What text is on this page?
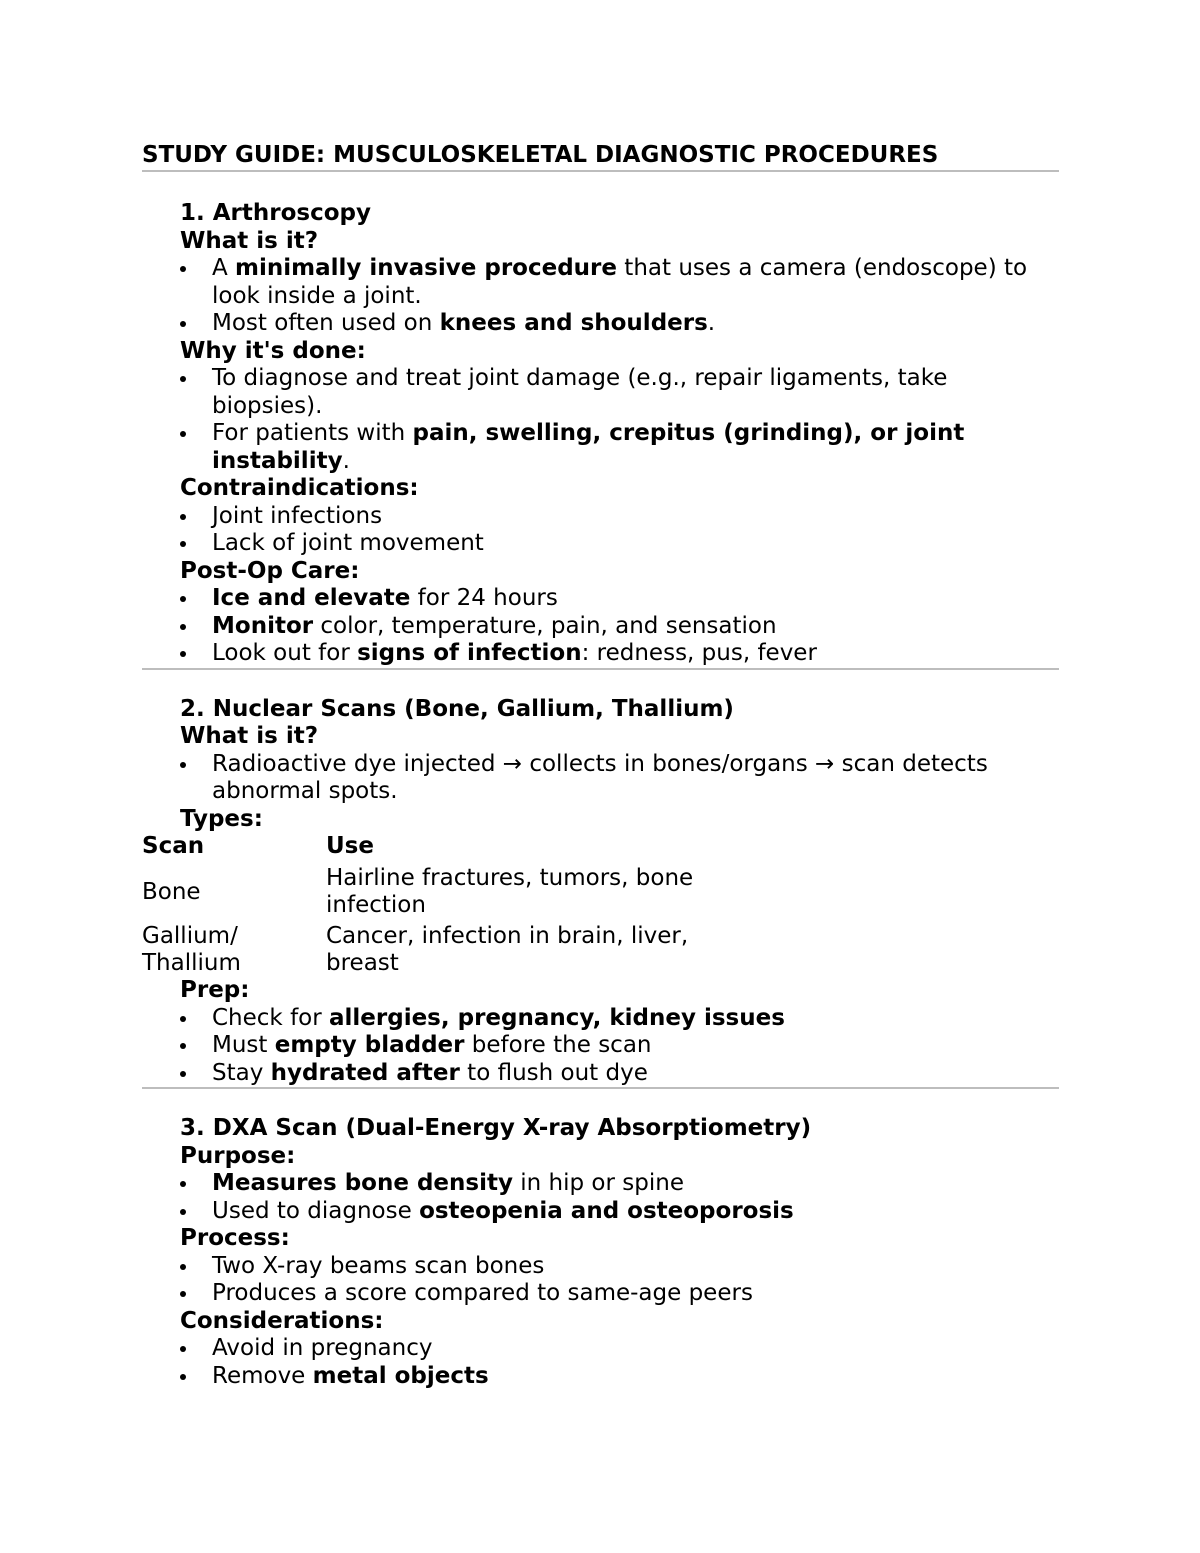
STUDY GUIDE: MUSCULOSKELETAL DIAGNOSTIC PROCEDURES
1. Arthroscopy
What is it?
A minimally invasive procedure that uses a camera (endoscope) to look inside a joint.
Most often used on knees and shoulders.
Why it's done:
To diagnose and treat joint damage (e.g., repair ligaments, take biopsies).
For patients with pain, swelling, crepitus (grinding), or joint instability.
Contraindications:
Joint infections
Lack of joint movement
Post-Op Care:
Ice and elevate for 24 hours
Monitor color, temperature, pain, and sensation
Look out for signs of infection: redness, pus, fever
2. Nuclear Scans (Bone, Gallium, Thallium)
What is it?
Radioactive dye injected → collects in bones/organs → scan detects abnormal spots.
Types:
Scan	Use
Bone	Hairline fractures, tumors, bone infection
Gallium/ Thallium	Cancer, infection in brain, liver, breast
Prep:
Check for allergies, pregnancy, kidney issues
Must empty bladder before the scan
Stay hydrated after to flush out dye
3. DXA Scan (Dual-Energy X-ray Absorptiometry)
Purpose:
Measures bone density in hip or spine
Used to diagnose osteopenia and osteoporosis
Process:
Two X-ray beams scan bones
Produces a score compared to same-age peers
Considerations:
Avoid in pregnancy
Remove metal objects
